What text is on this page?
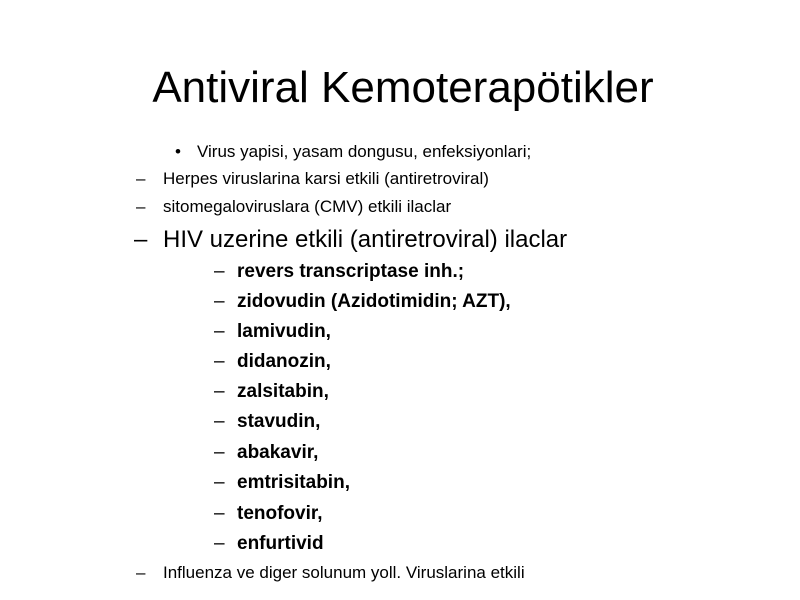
Antiviral Kemoterapötikler
• Virus yapisi, yasam dongusu, enfeksiyonlari;
– Herpes viruslarina karsi etkili (antiretroviral)
– sitomegaloviruslara (CMV) etkili ilaclar
– HIV uzerine etkili (antiretroviral) ilaclar
– revers transcriptase inh.;
– zidovudin (Azidotimidin; AZT),
– lamivudin,
– didanozin,
– zalsitabin,
– stavudin,
– abakavir,
– emtrisitabin,
– tenofovir,
– enfurtivid
– Influenza ve diger solunum yoll. Viruslarina etkili
